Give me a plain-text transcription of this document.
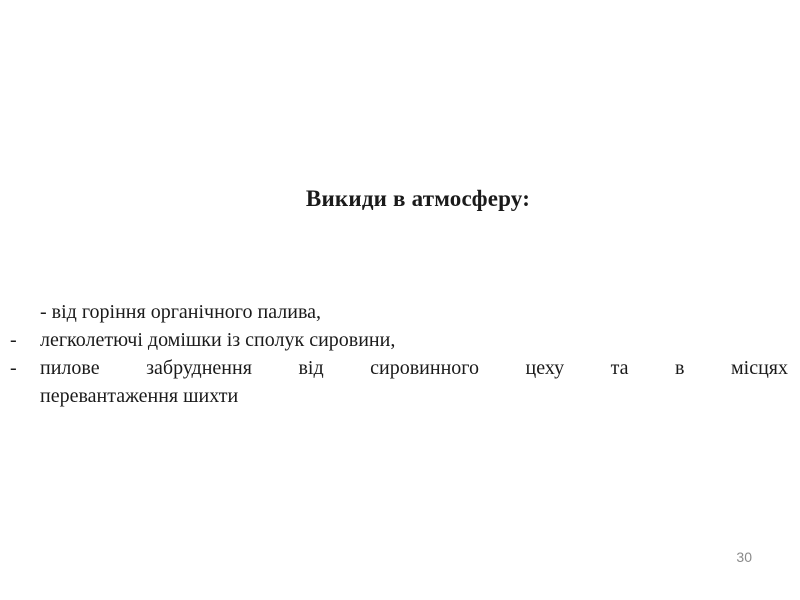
Викиди в атмосферу:
- від горіння органічного палива,
- легколетючі домішки із сполук сировини,
- пилове забруднення від сировинного цеху та в місцях
перевантаження шихти
30
